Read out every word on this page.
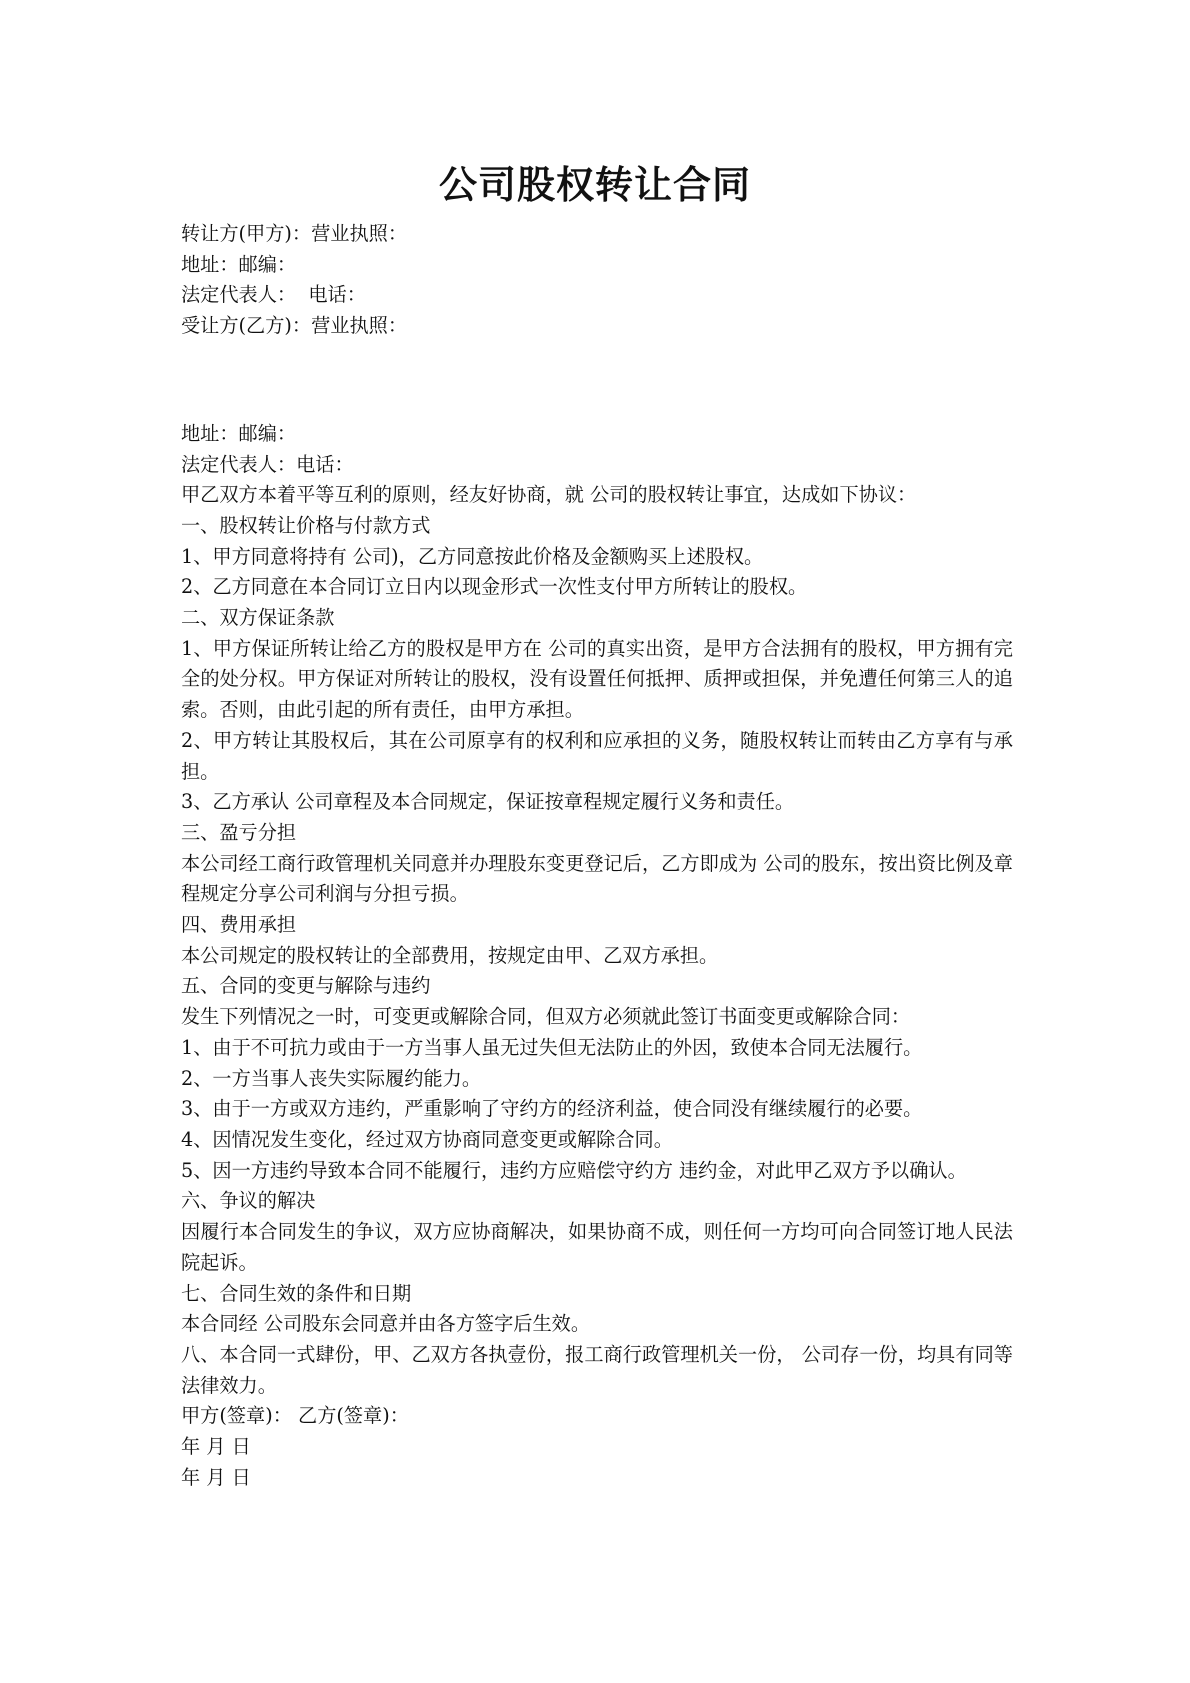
公司股权转让合同

转让方(甲方)：营业执照：

地址：邮编：

法定代表人：  电话：

受让方(乙方)：营业执照：

地址：邮编：

法定代表人：电话：

甲乙双方本着平等互利的原则，经友好协商，就 公司的股权转让事宜，达成如下协议：

一、股权转让价格与付款方式

1、甲方同意将持有 公司)，乙方同意按此价格及金额购买上述股权。

2、乙方同意在本合同订立日内以现金形式一次性支付甲方所转让的股权。

二、双方保证条款

1、甲方保证所转让给乙方的股权是甲方在 公司的真实出资，是甲方合法拥有的股权，甲方拥有完全的处分权。甲方保证对所转让的股权，没有设置任何抵押、质押或担保，并免遭任何第三人的追索。否则，由此引起的所有责任，由甲方承担。

2、甲方转让其股权后，其在公司原享有的权利和应承担的义务，随股权转让而转由乙方享有与承担。

3、乙方承认 公司章程及本合同规定，保证按章程规定履行义务和责任。

三、盈亏分担

本公司经工商行政管理机关同意并办理股东变更登记后，乙方即成为 公司的股东，按出资比例及章程规定分享公司利润与分担亏损。

四、费用承担

本公司规定的股权转让的全部费用，按规定由甲、乙双方承担。

五、合同的变更与解除与违约

发生下列情况之一时，可变更或解除合同，但双方必须就此签订书面变更或解除合同：

1、由于不可抗力或由于一方当事人虽无过失但无法防止的外因，致使本合同无法履行。

2、一方当事人丧失实际履约能力。

3、由于一方或双方违约，严重影响了守约方的经济利益，使合同没有继续履行的必要。

4、因情况发生变化，经过双方协商同意变更或解除合同。

5、因一方违约导致本合同不能履行，违约方应赔偿守约方 违约金，对此甲乙双方予以确认。

六、争议的解决

因履行本合同发生的争议，双方应协商解决，如果协商不成，则任何一方均可向合同签订地人民法院起诉。

七、合同生效的条件和日期

本合同经 公司股东会同意并由各方签字后生效。

八、本合同一式肆份，甲、乙双方各执壹份，报工商行政管理机关一份， 公司存一份，均具有同等法律效力。

甲方(签章)： 乙方(签章)：

年 月 日

年 月 日
